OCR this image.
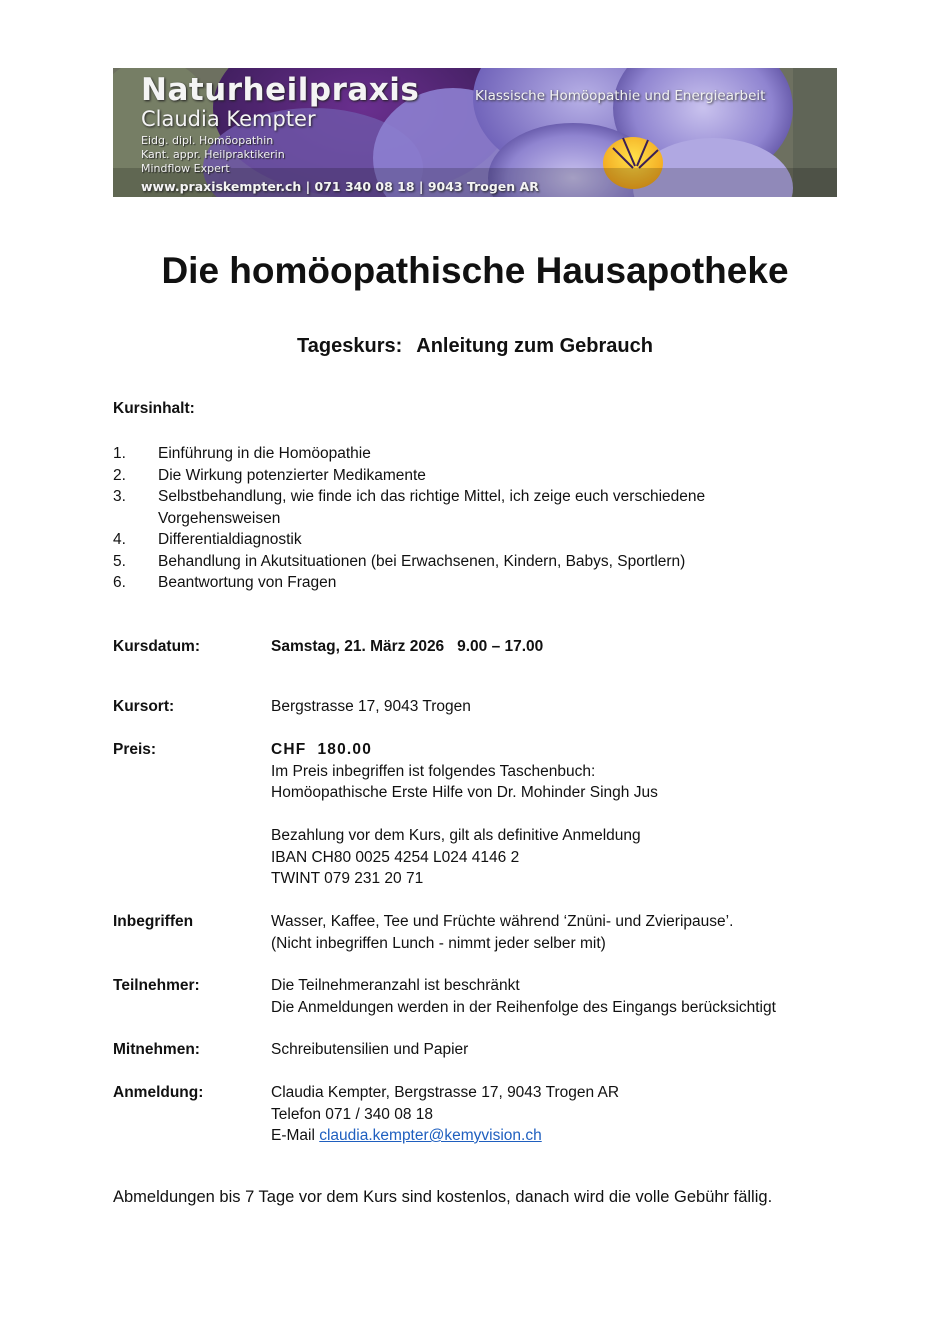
Naturheilpraxis
Claudia Kempter
Klassische Homöopathie und Energiearbeit
Eidg. dipl. Homöopathin
Kant. appr. Heilpraktikerin
Mindflow Expert
www.praxiskempter.ch | 071 340 08 18 | 9043 Trogen AR
Die homöopathische Hausapotheke
Tageskurs: Anleitung zum Gebrauch
Kursinhalt:
1.	Einführung in die Homöopathie
2.	Die Wirkung potenzierter Medikamente
3.	Selbstbehandlung, wie finde ich das richtige Mittel, ich zeige euch verschiedene Vorgehensweisen
4.	Differentialdiagnostik
5.	Behandlung in Akutsituationen (bei Erwachsenen, Kindern, Babys, Sportlern)
6.	Beantwortung von Fragen
Kursdatum:	Samstag, 21. März 2026   9.00 – 17.00
Kursort:	Bergstrasse 17, 9043 Trogen
Preis:	CHF  180.00
Im Preis inbegriffen ist folgendes Taschenbuch:
Homöopathische Erste Hilfe von Dr. Mohinder Singh Jus
Bezahlung vor dem Kurs, gilt als definitive Anmeldung
IBAN CH80 0025 4254 L024 4146 2
TWINT 079 231 20 71
Inbegriffen	Wasser, Kaffee, Tee und Früchte während ‘Znüni- und Zvieripause’.
(Nicht inbegriffen Lunch - nimmt jeder selber mit)
Teilnehmer:	Die Teilnehmeranzahl ist beschränkt
Die Anmeldungen werden in der Reihenfolge des Eingangs berücksichtigt
Mitnehmen:	Schreibutensilien und Papier
Anmeldung:	Claudia Kempter, Bergstrasse 17, 9043 Trogen AR
Telefon 071 / 340 08 18
E-Mail claudia.kempter@kemyvision.ch
Abmeldungen bis 7 Tage vor dem Kurs sind kostenlos, danach wird die volle Gebühr fällig.
